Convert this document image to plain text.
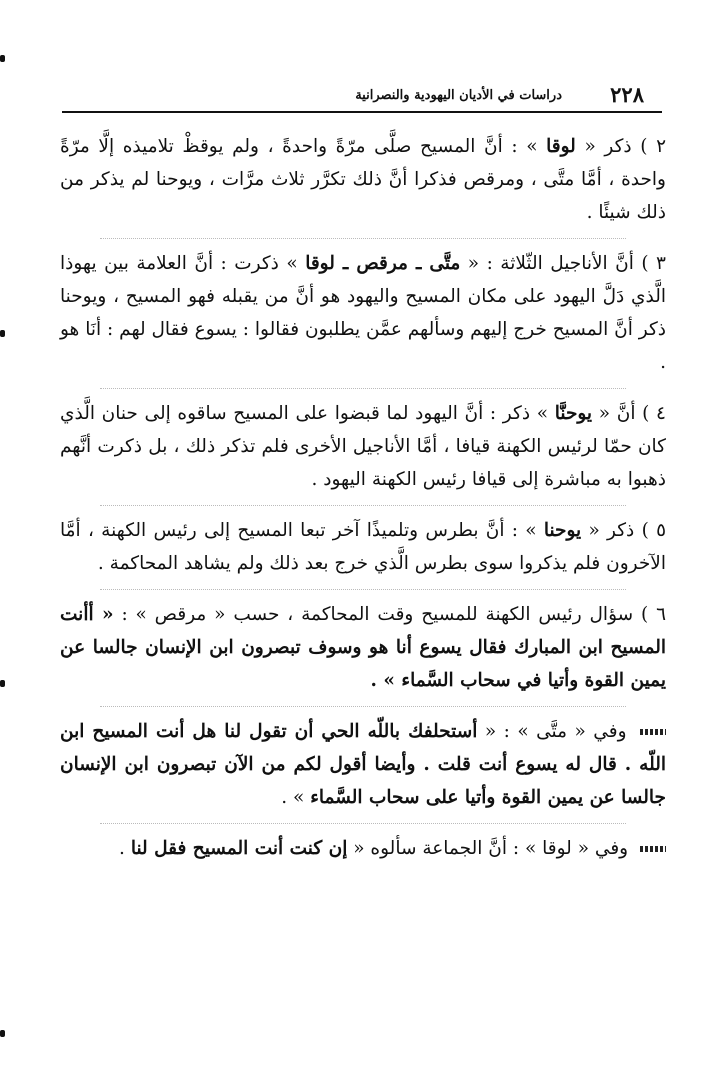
٢٢٨
دراسات في الأديان اليهودية والنصرانية

٢ ) ذكر « لوقا » : أنَّ المسيح صلَّى مرّةً واحدةً ، ولم يوقظْ تلاميذه إلَّا مرّةً واحدة ، أمَّا متَّى ، ومرقص فذكرا أنَّ ذلك تكرَّر ثلاث مرَّات ، ويوحنا لم يذكر من ذلك شيئًا .

٣ ) أنَّ الأناجيل الثّلاثة : « متَّى ـ مرقص ـ لوقا » ذكرت : أنَّ العلامة بين يهوذا الَّذي دَلَّ اليهود على مكان المسيح واليهود هو أنَّ من يقبله فهو المسيح ، ويوحنا ذكر أنَّ المسيح خرج إليهم وسألهم عمَّن يطلبون فقالوا : يسوع فقال لهم : أنَا هو .

٤ ) أنَّ « يوحنَّا » ذكر : أنَّ اليهود لما قبضوا على المسيح ساقوه إلى حنان الَّذي كان حمّا لرئيس الكهنة قيافا ، أمَّا الأناجيل الأخرى فلم تذكر ذلك ، بل ذكرت أنَّهم ذهبوا به مباشرة إلى قيافا رئيس الكهنة اليهود .

٥ ) ذكر « يوحنا » : أنَّ بطرس وتلميذًا آخر تبعا المسيح إلى رئيس الكهنة ، أمَّا الآخرون فلم يذكروا سوى بطرس الَّذي خرج بعد ذلك ولم يشاهد المحاكمة .

٦ ) سؤال رئيس الكهنة للمسيح وقت المحاكمة ، حسب « مرقص » : « أأنت المسيح ابن المبارك فقال يسوع أنا هو وسوف تبصرون ابن الإنسان جالسا عن يمين القوة وأتيا في سحاب السَّماء » .

وفي « متَّى » : « أستحلفك باللّه الحي أن تقول لنا هل أنت المسيح ابن اللّه . قال له يسوع أنت قلت . وأيضا أقول لكم من الآن تبصرون ابن الإنسان جالسا عن يمين القوة وأتيا على سحاب السَّماء » .

وفي « لوقا » : أنَّ الجماعة سألوه « إن كنت أنت المسيح فقل لنا .
